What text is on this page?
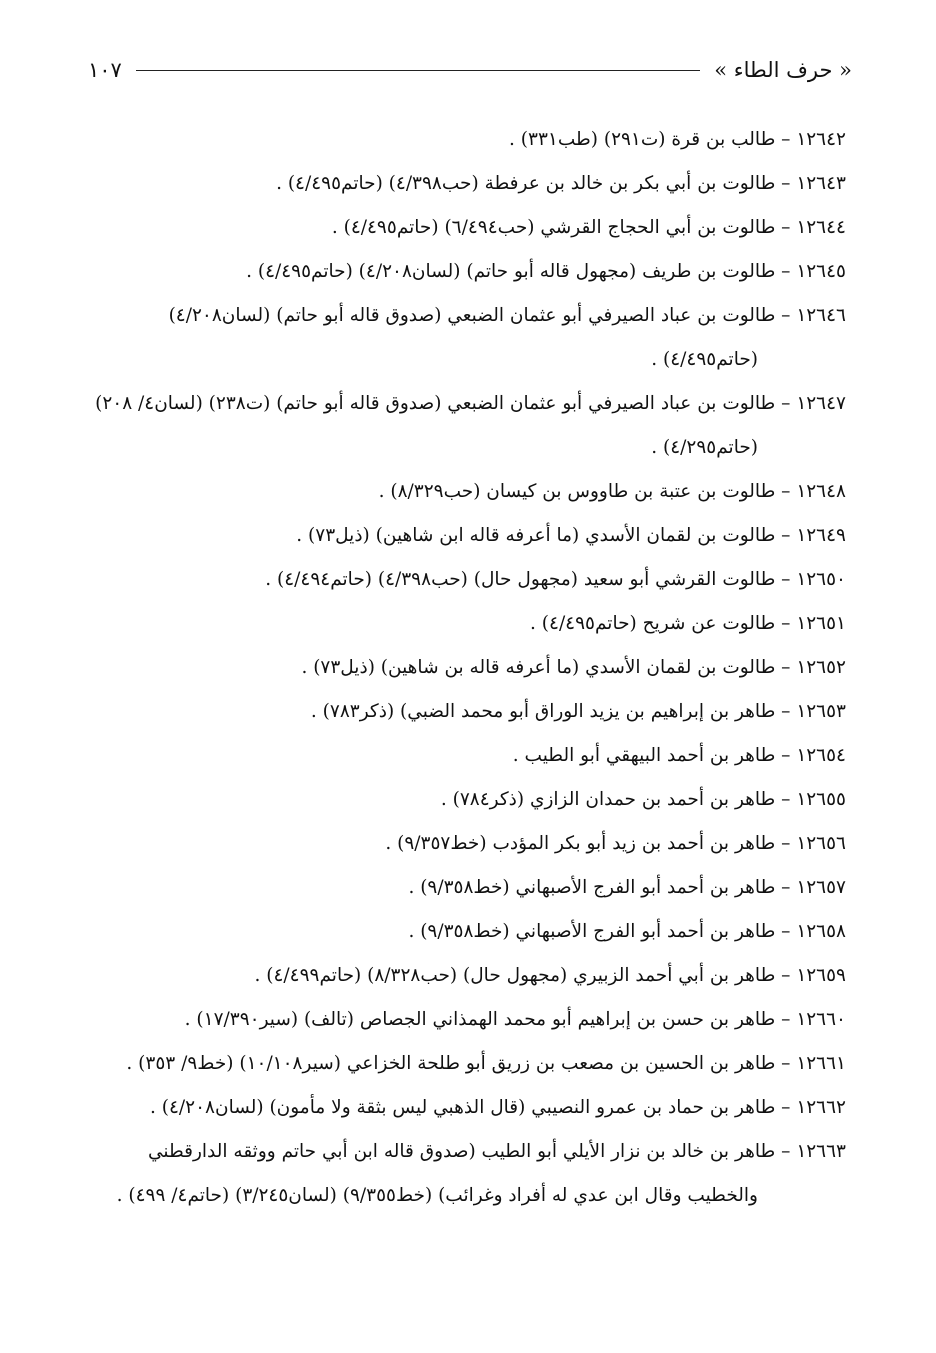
« حرف الطاء »
١٠٧

١٢٦٤٢ – طالب بن قرة (ت٢٩١) (طب٣٣١) .

١٢٦٤٣ – طالوت بن أبي بكر بن خالد بن عرفطة (حب٤/٣٩٨) (حاتم٤/٤٩٥) .

١٢٦٤٤ – طالوت بن أبي الحجاج القرشي (حب٦/٤٩٤) (حاتم٤/٤٩٥) .

١٢٦٤٥ – طالوت بن طريف (مجهول قاله أبو حاتم) (لسان٤/٢٠٨) (حاتم٤/٤٩٥) .

١٢٦٤٦ – طالوت بن عباد الصيرفي أبو عثمان الضبعي (صدوق قاله أبو حاتم) (لسان٤/٢٠٨) (حاتم٤/٤٩٥) .

١٢٦٤٧ – طالوت بن عباد الصيرفي أبو عثمان الضبعي (صدوق قاله أبو حاتم) (ت٢٣٨) (لسان٤/ ٢٠٨) (حاتم٤/٢٩٥) .

١٢٦٤٨ – طالوت بن عتبة بن طاووس بن كيسان (حب٨/٣٢٩) .

١٢٦٤٩ – طالوت بن لقمان الأسدي (ما أعرفه قاله ابن شاهين) (ذيل٧٣) .

١٢٦٥٠ – طالوت القرشي أبو سعيد (مجهول حال) (حب٤/٣٩٨) (حاتم٤/٤٩٤) .

١٢٦٥١ – طالوت عن شريح (حاتم٤/٤٩٥) .

١٢٦٥٢ – طالوت بن لقمان الأسدي (ما أعرفه قاله بن شاهين) (ذيل٧٣) .

١٢٦٥٣ – طاهر بن إبراهيم بن يزيد الوراق أبو محمد الضبي) (ذكر٧٨٣) .

١٢٦٥٤ – طاهر بن أحمد البيهقي أبو الطيب .

١٢٦٥٥ – طاهر بن أحمد بن حمدان الزازي (ذكر٧٨٤) .

١٢٦٥٦ – طاهر بن أحمد بن زيد أبو بكر المؤدب (خط٩/٣٥٧) .

١٢٦٥٧ – طاهر بن أحمد أبو الفرج الأصبهاني (خط٩/٣٥٨) .

١٢٦٥٨ – طاهر بن أحمد أبو الفرج الأصبهاني (خط٩/٣٥٨) .

١٢٦٥٩ – طاهر بن أبي أحمد الزبيري (مجهول حال) (حب٨/٣٢٨) (حاتم٤/٤٩٩) .

١٢٦٦٠ – طاهر بن حسن بن إبراهيم أبو محمد الهمذاني الجصاص (تالف) (سير١٧/٣٩٠) .

١٢٦٦١ – طاهر بن الحسين بن مصعب بن زريق أبو طلحة الخزاعي (سير١٠/١٠٨) (خط٩/ ٣٥٣) .

١٢٦٦٢ – طاهر بن حماد بن عمرو النصيبي (قال الذهبي ليس بثقة ولا مأمون) (لسان٤/٢٠٨) .

١٢٦٦٣ – طاهر بن خالد بن نزار الأيلي أبو الطيب (صدوق قاله ابن أبي حاتم ووثقه الدارقطني والخطيب وقال ابن عدي له أفراد وغرائب) (خط٩/٣٥٥) (لسان٣/٢٤٥) (حاتم٤/ ٤٩٩) .
